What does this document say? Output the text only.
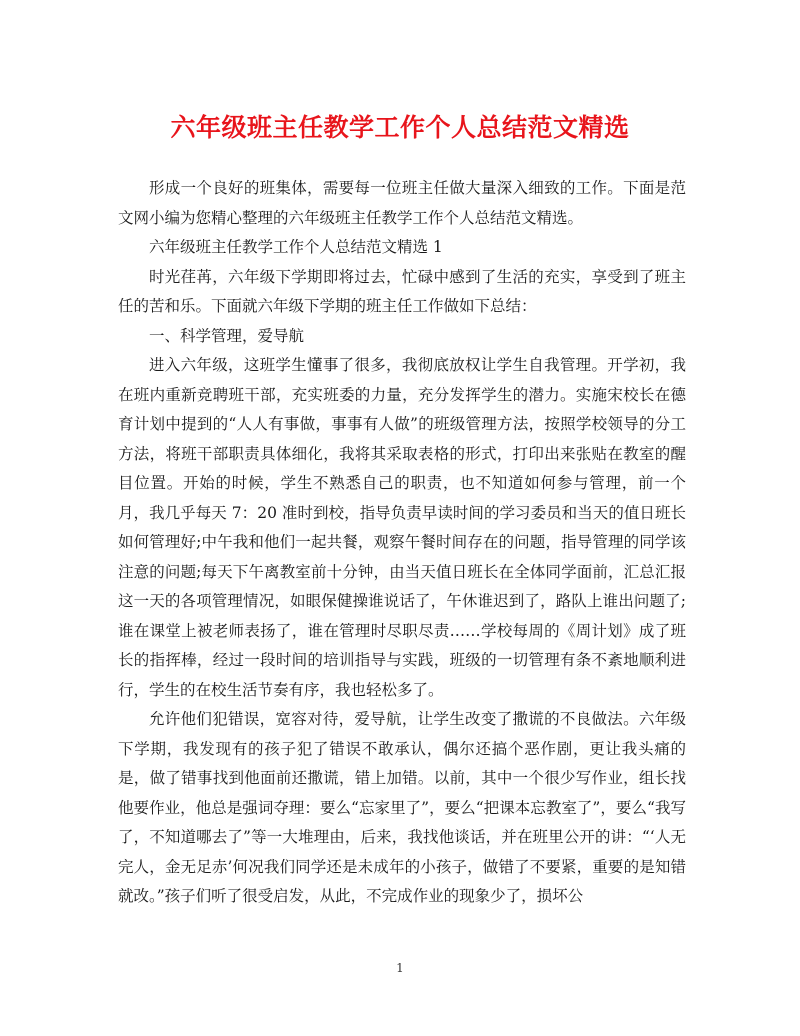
六年级班主任教学工作个人总结范文精选

形成一个良好的班集体，需要每一位班主任做大量深入细致的工作。下面是范文网小编为您精心整理的六年级班主任教学工作个人总结范文精选。

六年级班主任教学工作个人总结范文精选 1

时光荏苒，六年级下学期即将过去，忙碌中感到了生活的充实，享受到了班主任的苦和乐。下面就六年级下学期的班主任工作做如下总结：

一、科学管理，爱导航

进入六年级，这班学生懂事了很多，我彻底放权让学生自我管理。开学初，我在班内重新竞聘班干部，充实班委的力量，充分发挥学生的潜力。实施宋校长在德育计划中提到的“人人有事做，事事有人做”的班级管理方法，按照学校领导的分工方法，将班干部职责具体细化，我将其采取表格的形式，打印出来张贴在教室的醒目位置。开始的时候，学生不熟悉自己的职责，也不知道如何参与管理，前一个月，我几乎每天 7：20 准时到校，指导负责早读时间的学习委员和当天的值日班长如何管理好;中午我和他们一起共餐，观察午餐时间存在的问题，指导管理的同学该注意的问题;每天下午离教室前十分钟，由当天值日班长在全体同学面前，汇总汇报这一天的各项管理情况，如眼保健操谁说话了，午休谁迟到了，路队上谁出问题了;谁在课堂上被老师表扬了，谁在管理时尽职尽责……学校每周的《周计划》成了班长的指挥棒，经过一段时间的培训指导与实践，班级的一切管理有条不紊地顺利进行，学生的在校生活节奏有序，我也轻松多了。

允许他们犯错误，宽容对待，爱导航，让学生改变了撒谎的不良做法。六年级下学期，我发现有的孩子犯了错误不敢承认，偶尔还搞个恶作剧，更让我头痛的是，做了错事找到他面前还撒谎，错上加错。以前，其中一个很少写作业，组长找他要作业，他总是强词夺理：要么“忘家里了”，要么“把课本忘教室了”，要么“我写了，不知道哪去了”等一大堆理由，后来，我找他谈话，并在班里公开的讲：“‘人无完人，金无足赤’何况我们同学还是未成年的小孩子，做错了不要紧，重要的是知错就改。”孩子们听了很受启发，从此，不完成作业的现象少了，损坏公

1
